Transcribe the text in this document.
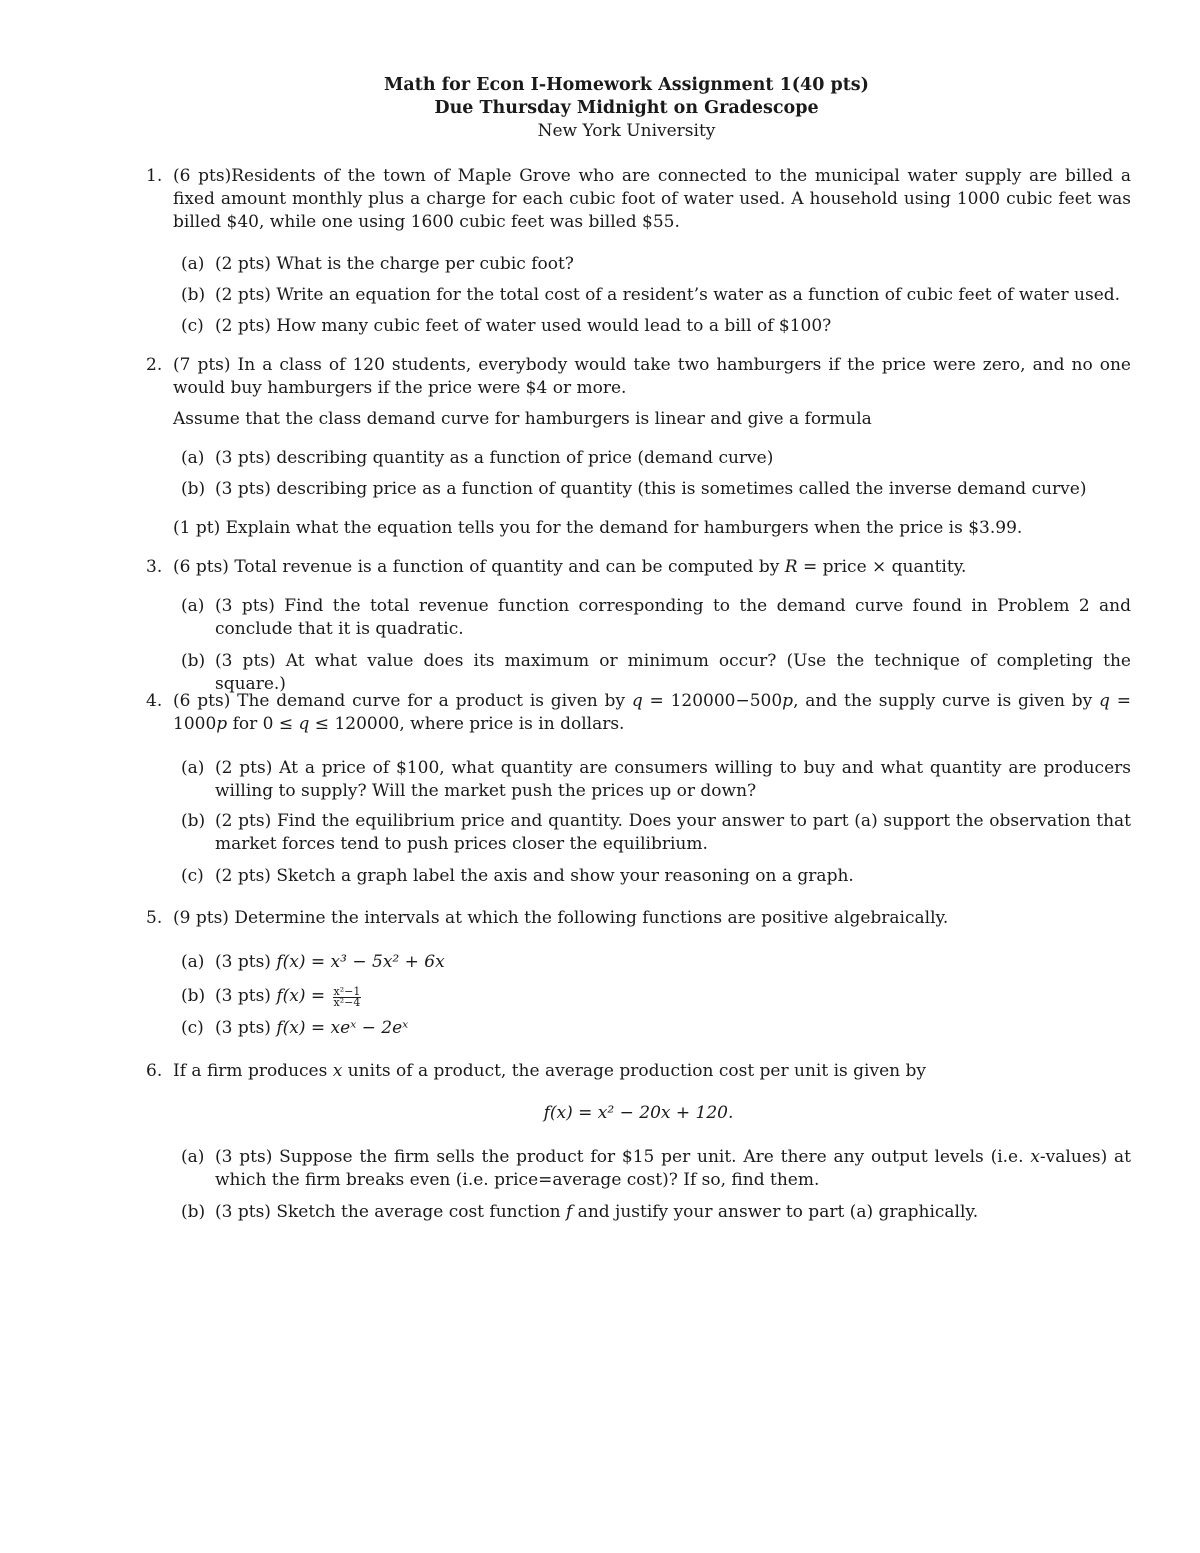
Math for Econ I-Homework Assignment 1(40 pts)
Due Thursday Midnight on Gradescope
New York University
1. (6 pts)Residents of the town of Maple Grove who are connected to the municipal water supply are billed a fixed amount monthly plus a charge for each cubic foot of water used. A household using 1000 cubic feet was billed $40, while one using 1600 cubic feet was billed $55.
(a) (2 pts) What is the charge per cubic foot?
(b) (2 pts) Write an equation for the total cost of a resident’s water as a function of cubic feet of water used.
(c) (2 pts) How many cubic feet of water used would lead to a bill of $100?
2. (7 pts) In a class of 120 students, everybody would take two hamburgers if the price were zero, and no one would buy hamburgers if the price were $4 or more.
Assume that the class demand curve for hamburgers is linear and give a formula
(a) (3 pts) describing quantity as a function of price (demand curve)
(b) (3 pts) describing price as a function of quantity (this is sometimes called the inverse demand curve)
(1 pt) Explain what the equation tells you for the demand for hamburgers when the price is $3.99.
3. (6 pts) Total revenue is a function of quantity and can be computed by R = price × quantity.
(a) (3 pts) Find the total revenue function corresponding to the demand curve found in Problem 2 and conclude that it is quadratic.
(b) (3 pts) At what value does its maximum or minimum occur? (Use the technique of completing the square.)
4. (6 pts) The demand curve for a product is given by q = 120000−500p, and the supply curve is given by q = 1000p for 0 ≤ q ≤ 120000, where price is in dollars.
(a) (2 pts) At a price of $100, what quantity are consumers willing to buy and what quantity are producers willing to supply? Will the market push the prices up or down?
(b) (2 pts) Find the equilibrium price and quantity. Does your answer to part (a) support the observation that market forces tend to push prices closer the equilibrium.
(c) (2 pts) Sketch a graph label the axis and show your reasoning on a graph.
5. (9 pts) Determine the intervals at which the following functions are positive algebraically.
(a) (3 pts) f(x) = x³ − 5x² + 6x
(b) (3 pts) $f(x) = \frac{\text{x²−1}}{\text{x²−4}}$
(c) (3 pts) f(x) = xeˣ − 2eˣ
6. If a firm produces x units of a product, the average production cost per unit is given by
f(x) = x² − 20x + 120.
(a) (3 pts) Suppose the firm sells the product for $15 per unit. Are there any output levels (i.e. x-values) at which the firm breaks even (i.e. price=average cost)? If so, find them.
(b) (3 pts) Sketch the average cost function f and justify your answer to part (a) graphically.
